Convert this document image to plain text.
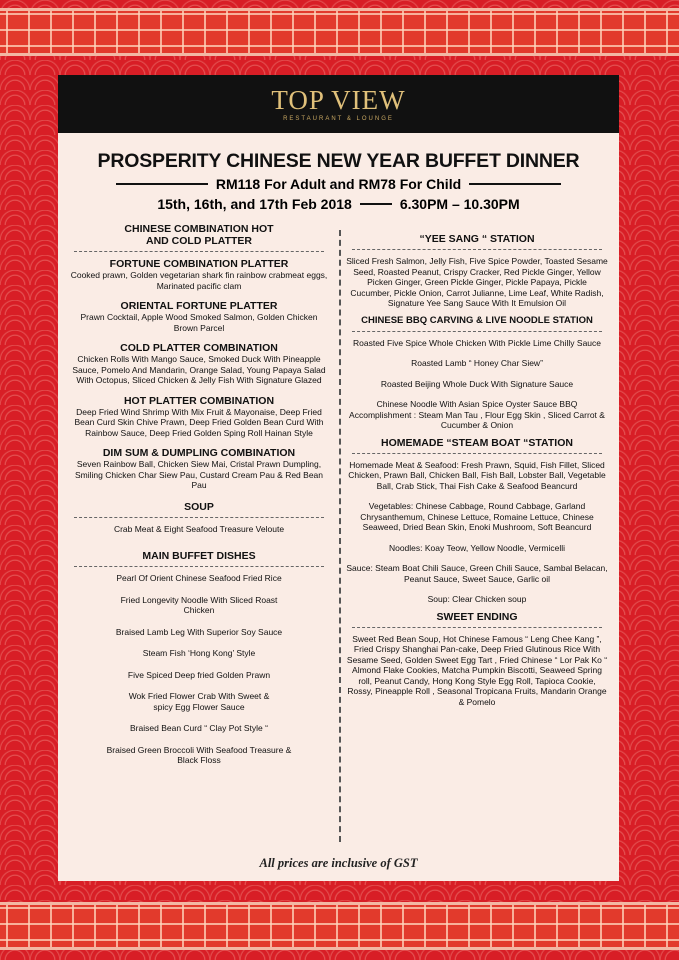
TOP VIEW
RESTAURANT & LOUNGE
PROSPERITY CHINESE NEW YEAR BUFFET DINNER
RM118 For Adult and RM78 For Child
15th, 16th, and 17th Feb 2018	6.30PM – 10.30PM
CHINESE COMBINATION HOT AND COLD PLATTER
FORTUNE COMBINATION PLATTER
Cooked prawn, Golden vegetarian shark fin rainbow crabmeat eggs, Marinated pacific clam
ORIENTAL FORTUNE PLATTER
Prawn Cocktail, Apple Wood Smoked Salmon, Golden Chicken Brown Parcel
COLD PLATTER COMBINATION
Chicken Rolls With Mango Sauce, Smoked Duck With Pineapple Sauce, Pomelo And Mandarin, Orange Salad, Young Papaya Salad With Octopus, Sliced Chicken & Jelly Fish With Signature Glazed
HOT PLATTER COMBINATION
Deep Fried Wind Shrimp With Mix Fruit & Mayonaise, Deep Fried Bean Curd Skin Chive Prawn, Deep Fried Golden Bean Curd With Rainbow Sauce, Deep Fried Golden Sping Roll Hainan Style
DIM SUM & DUMPLING COMBINATION
Seven Rainbow Ball, Chicken Siew Mai, Cristal Prawn Dumpling, Smiling Chicken Char Siew Pau, Custard Cream Pau & Red Bean Pau
SOUP
Crab Meat & Eight Seafood Treasure Veloute
MAIN BUFFET DISHES
Pearl Of Orient Chinese Seafood Fried Rice
Fried Longevity Noodle With Sliced Roast Chicken
Braised Lamb Leg With Superior Soy Sauce
Steam Fish ‘Hong Kong’ Style
Five Spiced Deep fried Golden Prawn
Wok Fried Flower Crab With Sweet & spicy Egg Flower Sauce
Braised Bean Curd “ Clay Pot Style “
Braised Green Broccoli With Seafood Treasure & Black Floss
“YEE SANG “ STATION
Sliced Fresh Salmon, Jelly Fish, Five Spice Powder, Toasted Sesame Seed, Roasted Peanut, Crispy Cracker, Red Pickle Ginger, Yellow Picken Ginger, Green Pickle Ginger, Pickle Papaya, Pickle Cucumber, Pickle Onion, Carrot Julianne, Lime Leaf, White Radish, Signature Yee Sang Sauce With It Emulsion Oil
CHINESE BBQ CARVING & LIVE NOODLE STATION
Roasted Five Spice Whole Chicken With Pickle Lime Chilly Sauce
Roasted Lamb “ Honey Char Siew”
Roasted Beijing Whole Duck With Signature Sauce
Chinese Noodle With Asian Spice Oyster Sauce BBQ Accomplishment : Steam Man Tau , Flour Egg Skin , Sliced Carrot & Cucumber & Onion
HOMEMADE “STEAM BOAT “STATION
Homemade Meat & Seafood: Fresh Prawn, Squid, Fish Fillet, Sliced Chicken, Prawn Ball, Chicken Ball, Fish Ball, Lobster Ball, Vegetable Ball, Crab Stick, Thai Fish Cake & Seafood Beancurd
Vegetables: Chinese Cabbage, Round Cabbage, Garland Chrysanthemum, Chinese Lettuce, Romaine Lettuce, Chinese Seaweed, Dried Bean Skin, Enoki Mushroom, Soft Beancurd
Noodles: Koay Teow, Yellow Noodle, Vermicelli
Sauce: Steam Boat Chili Sauce, Green Chili Sauce, Sambal Belacan, Peanut Sauce, Sweet Sauce, Garlic oil
Soup: Clear Chicken soup
SWEET ENDING
Sweet Red Bean Soup, Hot Chinese Famous “ Leng Chee Kang ”, Fried Crispy Shanghai Pan-cake, Deep Fried Glutinous Rice With Sesame Seed, Golden Sweet Egg Tart , Fried Chinese “ Lor Pak Ko “ Almond Flake Cookies, Matcha Pumpkin Biscotti, Seaweed Spring roll, Peanut Candy, Hong Kong Style Egg Roll, Tapioca Cookie, Rossy, Pineapple Roll , Seasonal Tropicana Fruits, Mandarin Orange & Pomelo
All prices are inclusive of GST
